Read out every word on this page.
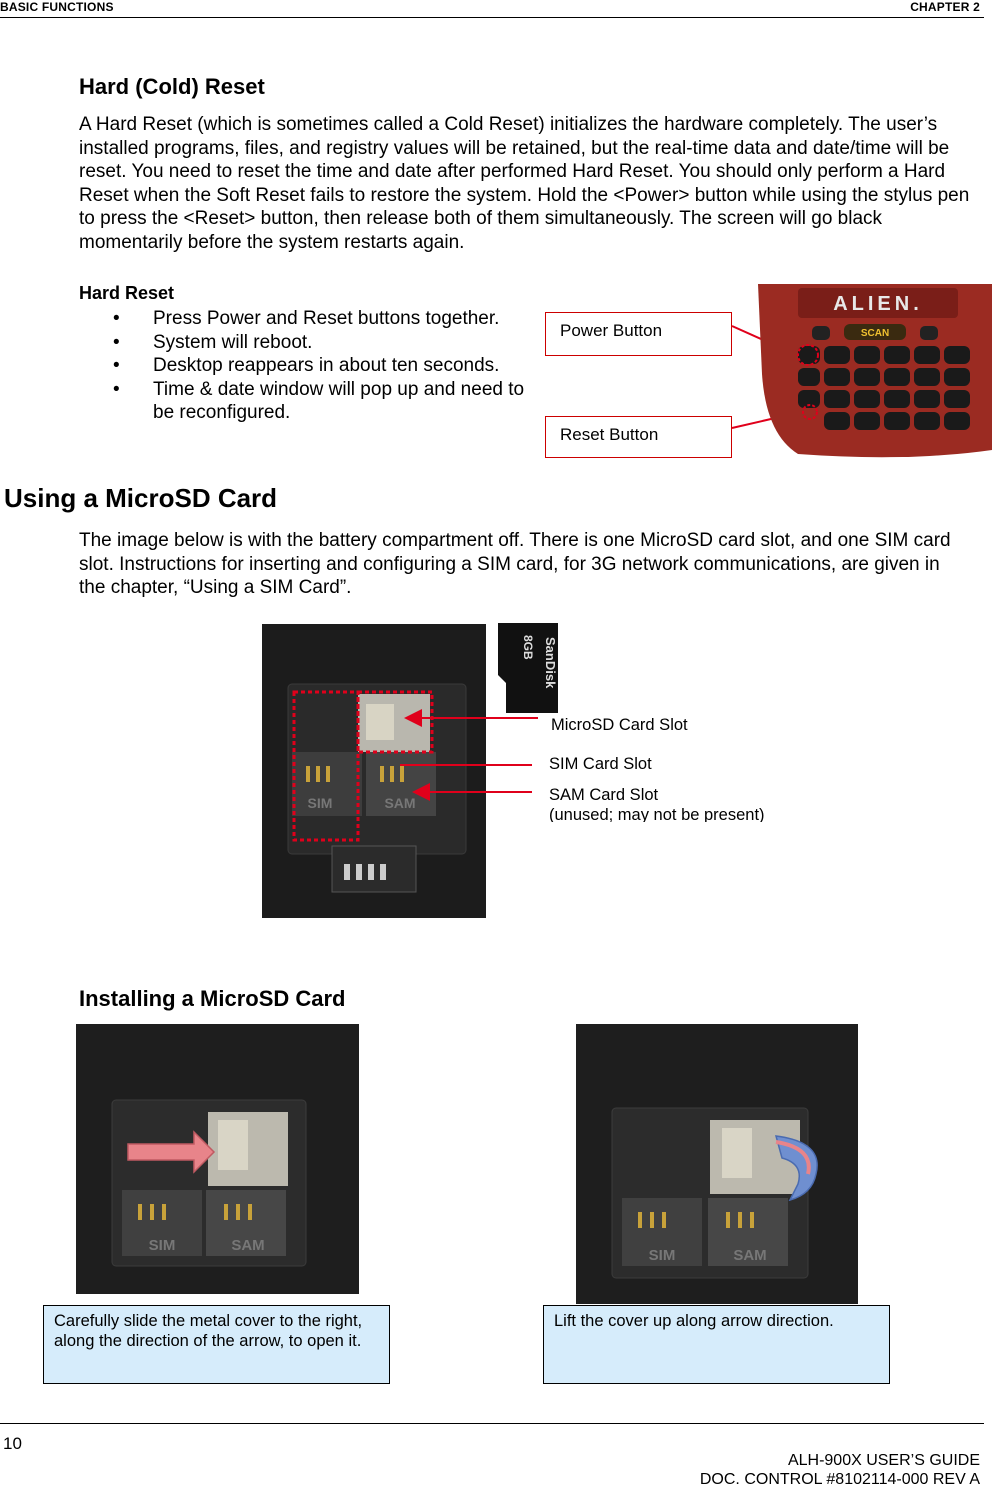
BASIC FUNCTIONS	CHAPTER 2
Hard (Cold) Reset
A Hard Reset (which is sometimes called a Cold Reset) initializes the hardware completely. The user’s installed programs, files, and registry values will be retained, but the real-time data and date/time will be reset. You need to reset the time and date after performed Hard Reset. You should only perform a Hard Reset when the Soft Reset fails to restore the system. Hold the <Power> button while using the stylus pen to press the <Reset> button, then release both of them simultaneously. The screen will go black momentarily before the system restarts again.
Hard Reset
• Press Power and Reset buttons together.
• System will reboot.
• Desktop reappears in about ten seconds.
• Time & date window will pop up and need to be reconfigured.
Power Button
Reset Button
ALIEN.
SCAN
Using a MicroSD Card
The image below is with the battery compartment off. There is one MicroSD card slot, and one SIM card slot. Instructions for inserting and configuring a SIM card, for 3G network communications, are given in the chapter, “Using a SIM Card”.
SIM	SAM
SanDisk
8GB
MicroSD Card Slot
SIM Card Slot
SAM Card Slot
(unused; may not be present)
Installing a MicroSD Card
SIM	SAM
SIM	SAM
Carefully slide the metal cover to the right, along the direction of the arrow, to open it.
Lift the cover up along arrow direction.
10
ALH-900X USER’S GUIDE
DOC. CONTROL #8102114-000 REV A
